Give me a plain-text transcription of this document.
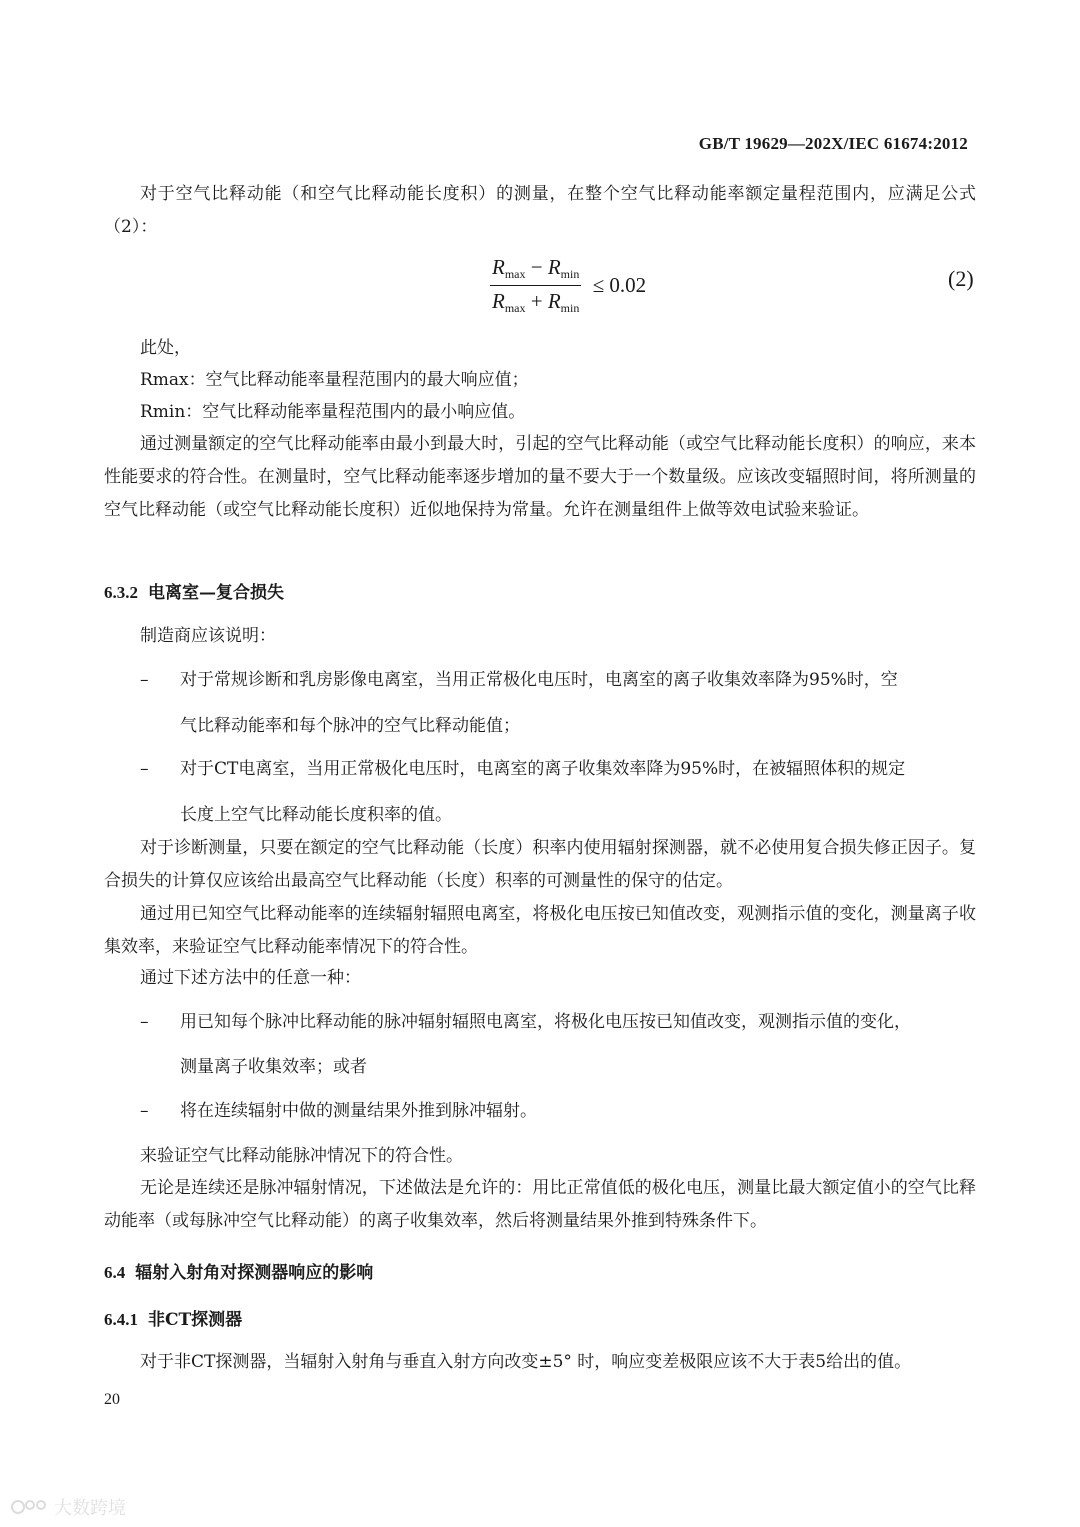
GB/T 19629—202X/IEC 61674:2012

对于空气比释动能（和空气比释动能长度积）的测量，在整个空气比释动能率额定量程范围内，应满足公式（2）：

$\frac{R_{max} - R_{min}}{R_{max} + R_{min}} \le 0.02$	(2)
此处，
Rmax：空气比释动能率量程范围内的最大响应值；
Rmin：空气比释动能率量程范围内的最小响应值。

通过测量额定的空气比释动能率由最小到最大时，引起的空气比释动能（或空气比释动能长度积）的响应，来本性能要求的符合性。在测量时，空气比释动能率逐步增加的量不要大于一个数量级。应该改变辐照时间，将所测量的空气比释动能（或空气比释动能长度积）近似地保持为常量。允许在测量组件上做等效电试验来验证。

6.3.2 电离室—复合损失
制造商应该说明：
– 对于常规诊断和乳房影像电离室，当用正常极化电压时，电离室的离子收集效率降为95%时，空
气比释动能率和每个脉冲的空气比释动能值；
– 对于CT电离室，当用正常极化电压时，电离室的离子收集效率降为95%时，在被辐照体积的规定
长度上空气比释动能长度积率的值。

对于诊断测量，只要在额定的空气比释动能（长度）积率内使用辐射探测器，就不必使用复合损失修正因子。复合损失的计算仅应该给出最高空气比释动能（长度）积率的可测量性的保守的估定。

通过用已知空气比释动能率的连续辐射辐照电离室，将极化电压按已知值改变，观测指示值的变化，测量离子收集效率，来验证空气比释动能率情况下的符合性。

通过下述方法中的任意一种：
– 用已知每个脉冲比释动能的脉冲辐射辐照电离室，将极化电压按已知值改变，观测指示值的变化，
测量离子收集效率；或者
– 将在连续辐射中做的测量结果外推到脉冲辐射。
来验证空气比释动能脉冲情况下的符合性。

无论是连续还是脉冲辐射情况，下述做法是允许的：用比正常值低的极化电压，测量比最大额定值小的空气比释动能率（或每脉冲空气比释动能）的离子收集效率，然后将测量结果外推到特殊条件下。

6.4 辐射入射角对探测器响应的影响
6.4.1 非CT探测器
对于非CT探测器，当辐射入射角与垂直入射方向改变±5° 时，响应变差极限应该不大于表5给出的值。
20
大数跨境
